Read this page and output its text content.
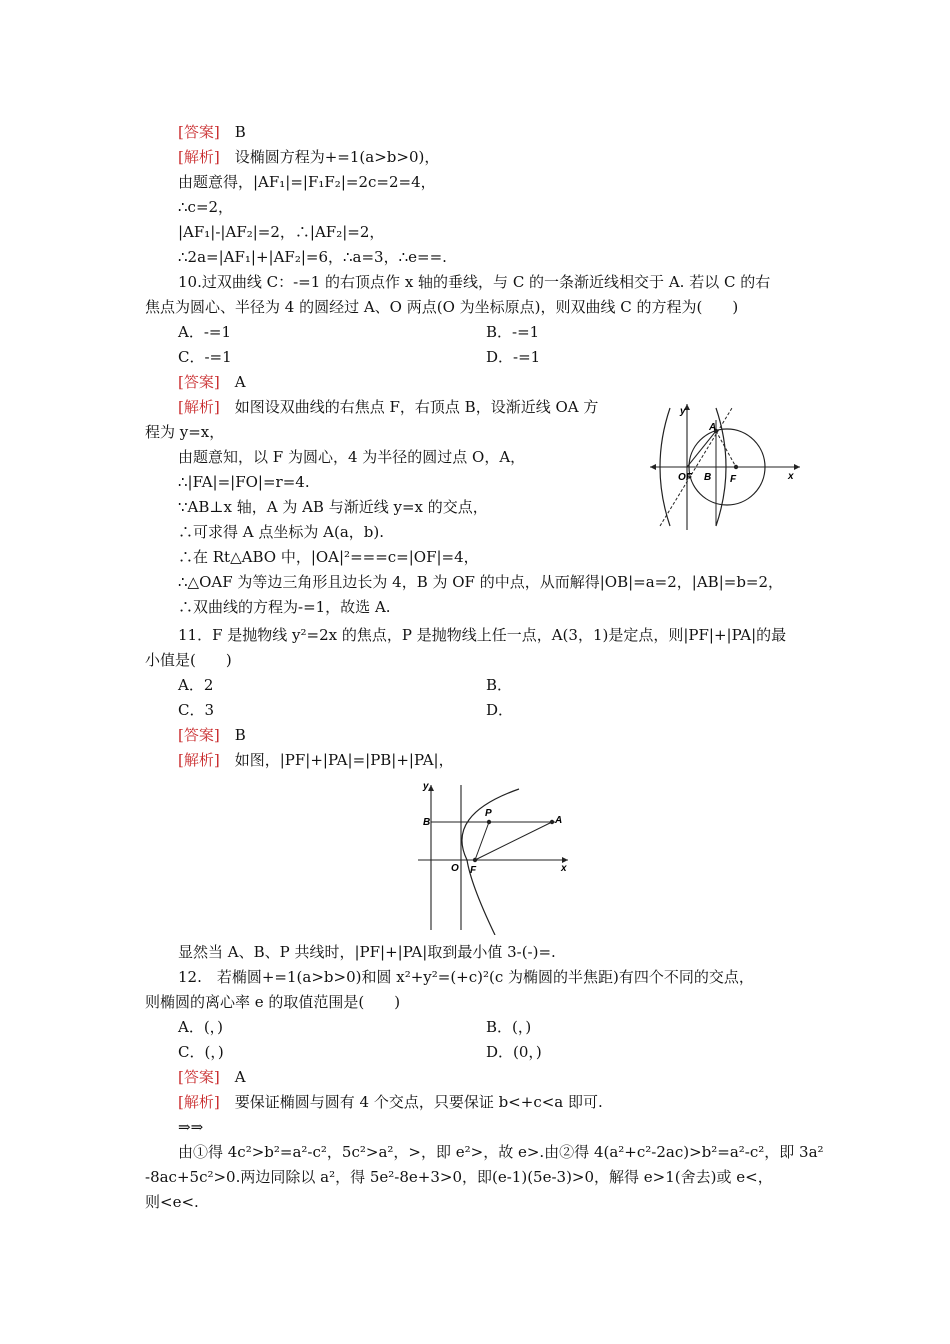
[答案]　 B
[解析]　 设椭圆方程为+=1(a>b>0)，
由题意得，|AF₁|=|F₁F₂|=2c=2=4，
∴c=2，
|AF₁|-|AF₂|=2，∴|AF₂|=2，
∴2a=|AF₁|+|AF₂|=6，∴a=3，∴e==.
10.过双曲线 C：-=1 的右顶点作 x 轴的垂线，与 C 的一条渐近线相交于 A. 若以 C 的右
焦点为圆心、半径为 4 的圆经过 A、O 两点(O 为坐标原点)，则双曲线 C 的方程为(　　)
A．-=1	B．-=1
C．-=1	D．-=1
[答案]　 A
[解析]　 如图设双曲线的右焦点 F，右顶点 B，设渐近线 OA 方
程为 y=x，
由题意知，以 F 为圆心，4 为半径的圆过点 O，A，
∴|FA|=|FO|=r=4.
∵AB⊥x 轴，A 为 AB 与渐近线 y=x 的交点，
∴可求得 A 点坐标为 A(a，b).
∴在 Rt△ABO 中，|OA|²===c=|OF|=4，
∴△OAF 为等边三角形且边长为 4，B 为 OF 的中点，从而解得|OB|=a=2，|AB|=b=2，
∴双曲线的方程为-=1，故选 A.
y
x
A
O F B F
11．F 是抛物线 y²=2x 的焦点，P 是抛物线上任一点，A(3，1)是定点，则|PF|+|PA|的最
小值是(　　)
A．2	B．
C．3	D．
[答案]　 B
[解析]　 如图，|PF|+|PA|=|PB|+|PA|，
y
x
B
P
A
O F
显然当 A、B、P 共线时，|PF|+|PA|取到最小值 3-(-)=.
12.　若椭圆+=1(a>b>0)和圆 x²+y²=(+c)²(c 为椭圆的半焦距)有四个不同的交点，
则椭圆的离心率 e 的取值范围是(　　)
A．(，)	B．(，)
C．(，)	D．(0，)
[答案]　 A
[解析]　 要保证椭圆与圆有 4 个交点，只要保证 b<+c<a 即可.
⇒⇒
由①得 4c²>b²=a²-c²，5c²>a²，>，即 e²>，故 e>.由②得 4(a²+c²-2ac)>b²=a²-c²，即 3a²
-8ac+5c²>0.两边同除以 a²，得 5e²-8e+3>0，即(e-1)(5e-3)>0，解得 e>1(舍去)或 e<，
则<e<.
